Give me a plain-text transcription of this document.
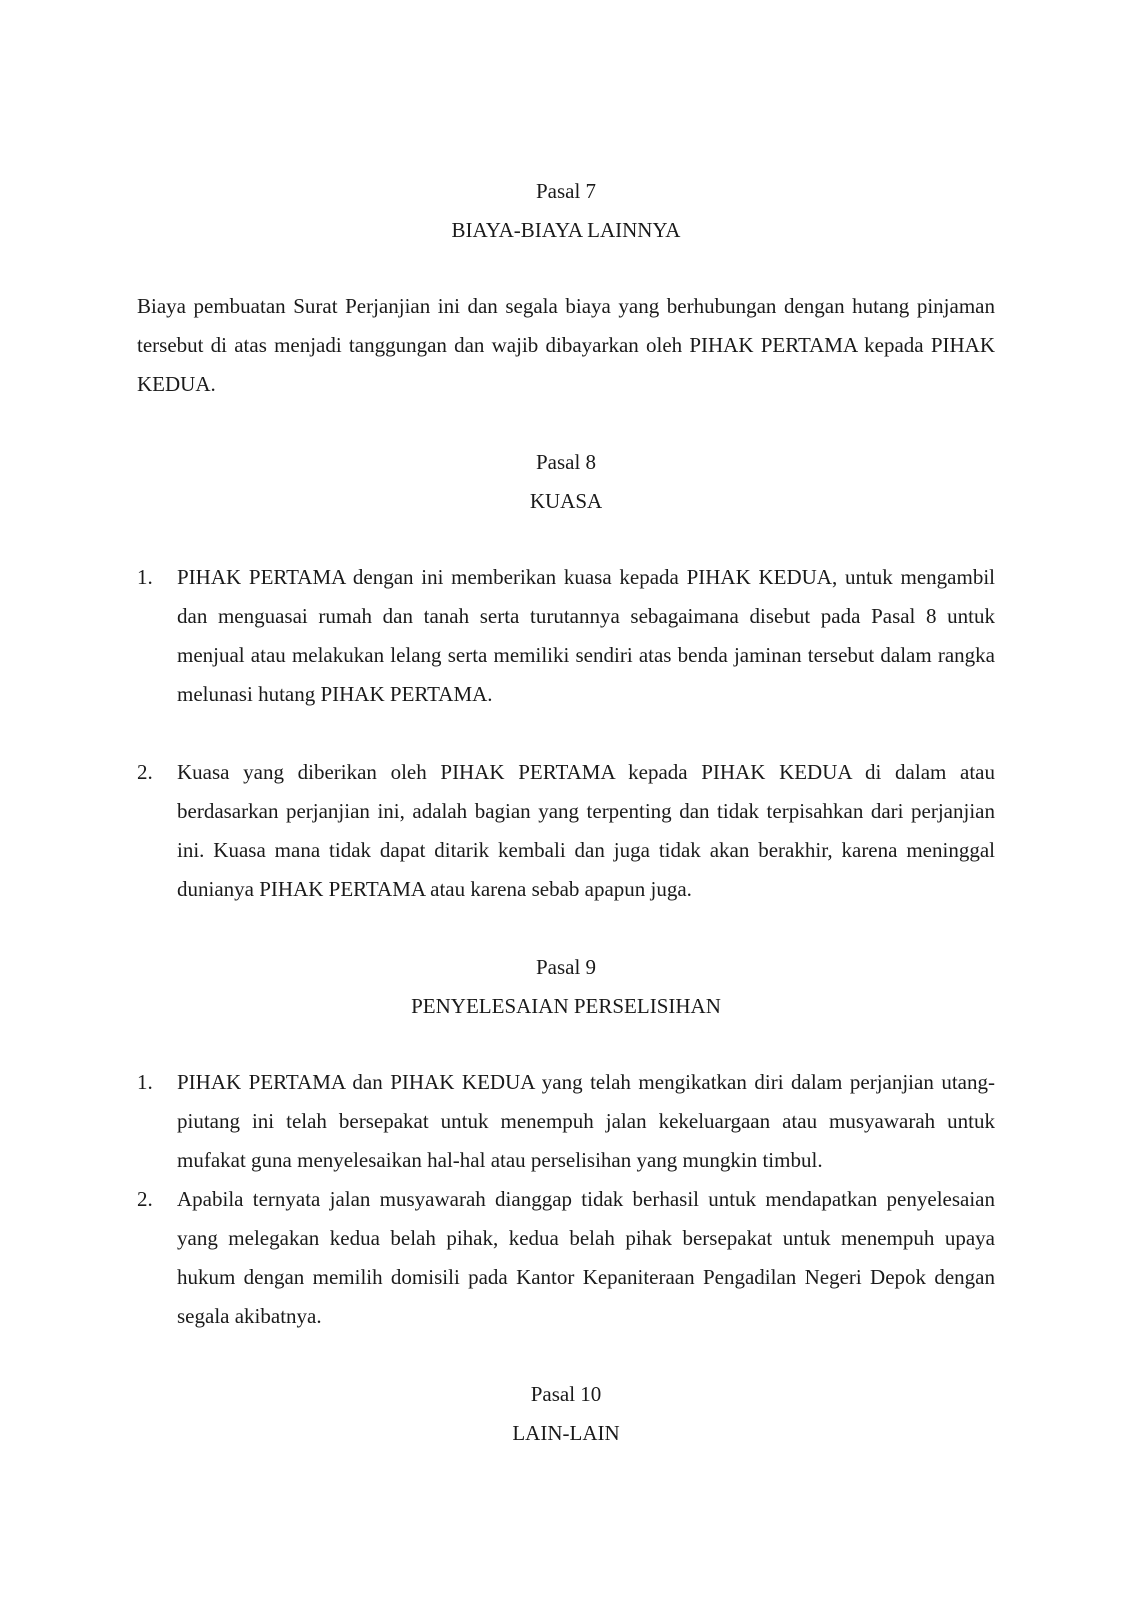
Pasal 7

BIAYA-BIAYA LAINNYA

Biaya pembuatan Surat Perjanjian ini dan segala biaya yang berhubungan dengan hutang pinjaman tersebut di atas menjadi tanggungan dan wajib dibayarkan oleh PIHAK PERTAMA kepada PIHAK KEDUA.

Pasal 8

KUASA

1. PIHAK PERTAMA dengan ini memberikan kuasa kepada PIHAK KEDUA, untuk mengambil dan menguasai rumah dan tanah serta turutannya sebagaimana disebut pada Pasal 8 untuk menjual atau melakukan lelang serta memiliki sendiri atas benda jaminan tersebut dalam rangka melunasi hutang PIHAK PERTAMA.
2. Kuasa yang diberikan oleh PIHAK PERTAMA kepada PIHAK KEDUA di dalam atau berdasarkan perjanjian ini, adalah bagian yang terpenting dan tidak terpisahkan dari perjanjian ini. Kuasa mana tidak dapat ditarik kembali dan juga tidak akan berakhir, karena meninggal dunianya PIHAK PERTAMA atau karena sebab apapun juga.

Pasal 9

PENYELESAIAN PERSELISIHAN

1. PIHAK PERTAMA dan PIHAK KEDUA yang telah mengikatkan diri dalam perjanjian utang-piutang ini telah bersepakat untuk menempuh jalan kekeluargaan atau musyawarah untuk mufakat guna menyelesaikan hal-hal atau perselisihan yang mungkin timbul.
2. Apabila ternyata jalan musyawarah dianggap tidak berhasil untuk mendapatkan penyelesaian yang melegakan kedua belah pihak, kedua belah pihak bersepakat untuk menempuh upaya hukum dengan memilih domisili pada Kantor Kepaniteraan Pengadilan Negeri Depok dengan segala akibatnya.

Pasal 10

LAIN-LAIN
